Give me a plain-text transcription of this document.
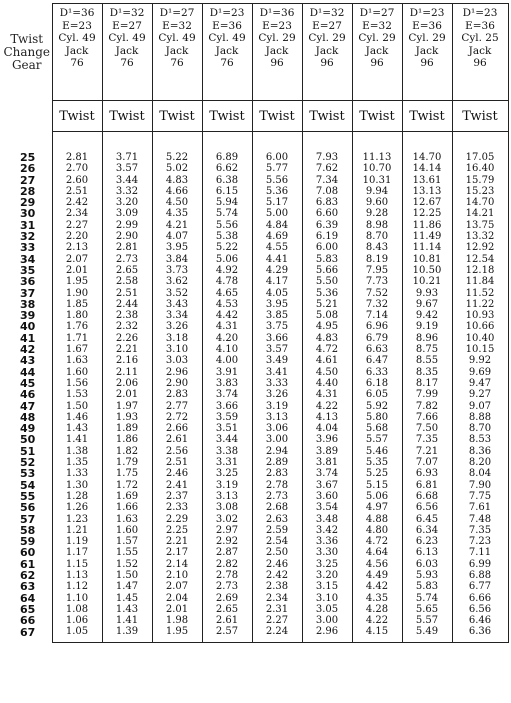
Twist
Change
Gear	D¹=36
E=23
Cyl. 49
Jack
76	D¹=32
E=27
Cyl. 49
Jack
76	D¹=27
E=32
Cyl. 49
Jack
76	D¹=23
E=36
Cyl. 49
Jack
76	D¹=36
E=23
Cyl. 29
Jack
96	D¹=32
E=27
Cyl. 29
Jack
96	D¹=27
E=32
Cyl. 29
Jack
96	D¹=23
E=36
Cyl. 29
Jack
96	D¹=23
E=36
Cyl. 25
Jack
96

	Twist	Twist	Twist	Twist	Twist	Twist	Twist	Twist	Twist
25	2.81	3.71	5.22	6.89	6.00	7.93	11.13	14.70	17.05
26	2.70	3.57	5.02	6.62	5.77	7.62	10.70	14.14	16.40
27	2.60	3.44	4.83	6.38	5.56	7.34	10.31	13.61	15.79
28	2.51	3.32	4.66	6.15	5.36	7.08	9.94	13.13	15.23
29	2.42	3.20	4.50	5.94	5.17	6.83	9.60	12.67	14.70
30	2.34	3.09	4.35	5.74	5.00	6.60	9.28	12.25	14.21
31	2.27	2.99	4.21	5.56	4.84	6.39	8.98	11.86	13.75
32	2.20	2.90	4.07	5.38	4.69	6.19	8.70	11.49	13.32
33	2.13	2.81	3.95	5.22	4.55	6.00	8.43	11.14	12.92
34	2.07	2.73	3.84	5.06	4.41	5.83	8.19	10.81	12.54
35	2.01	2.65	3.73	4.92	4.29	5.66	7.95	10.50	12.18
36	1.95	2.58	3.62	4.78	4.17	5.50	7.73	10.21	11.84
37	1.90	2.51	3.52	4.65	4.05	5.36	7.52	9.93	11.52
38	1.85	2.44	3.43	4.53	3.95	5.21	7.32	9.67	11.22
39	1.80	2.38	3.34	4.42	3.85	5.08	7.14	9.42	10.93
40	1.76	2.32	3.26	4.31	3.75	4.95	6.96	9.19	10.66
41	1.71	2.26	3.18	4.20	3.66	4.83	6.79	8.96	10.40
42	1.67	2.21	3.10	4.10	3.57	4.72	6.63	8.75	10.15
43	1.63	2.16	3.03	4.00	3.49	4.61	6.47	8.55	9.92
44	1.60	2.11	2.96	3.91	3.41	4.50	6.33	8.35	9.69
45	1.56	2.06	2.90	3.83	3.33	4.40	6.18	8.17	9.47
46	1.53	2.01	2.83	3.74	3.26	4.31	6.05	7.99	9.27
47	1.50	1.97	2.77	3.66	3.19	4.22	5.92	7.82	9.07
48	1.46	1.93	2.72	3.59	3.13	4.13	5.80	7.66	8.88
49	1.43	1.89	2.66	3.51	3.06	4.04	5.68	7.50	8.70
50	1.41	1.86	2.61	3.44	3.00	3.96	5.57	7.35	8.53
51	1.38	1.82	2.56	3.38	2.94	3.89	5.46	7.21	8.36
52	1.35	1.79	2.51	3.31	2.89	3.81	5.35	7.07	8.20
53	1.33	1.75	2.46	3.25	2.83	3.74	5.25	6.93	8.04
54	1.30	1.72	2.41	3.19	2.78	3.67	5.15	6.81	7.90
55	1.28	1.69	2.37	3.13	2.73	3.60	5.06	6.68	7.75
56	1.26	1.66	2.33	3.08	2.68	3.54	4.97	6.56	7.61
57	1.23	1.63	2.29	3.02	2.63	3.48	4.88	6.45	7.48
58	1.21	1.60	2.25	2.97	2.59	3.42	4.80	6.34	7.35
59	1.19	1.57	2.21	2.92	2.54	3.36	4.72	6.23	7.23
60	1.17	1.55	2.17	2.87	2.50	3.30	4.64	6.13	7.11
61	1.15	1.52	2.14	2.82	2.46	3.25	4.56	6.03	6.99
62	1.13	1.50	2.10	2.78	2.42	3.20	4.49	5.93	6.88
63	1.12	1.47	2.07	2.73	2.38	3.15	4.42	5.83	6.77
64	1.10	1.45	2.04	2.69	2.34	3.10	4.35	5.74	6.66
65	1.08	1.43	2.01	2.65	2.31	3.05	4.28	5.65	6.56
66	1.06	1.41	1.98	2.61	2.27	3.00	4.22	5.57	6.46
67	1.05	1.39	1.95	2.57	2.24	2.96	4.15	5.49	6.36
